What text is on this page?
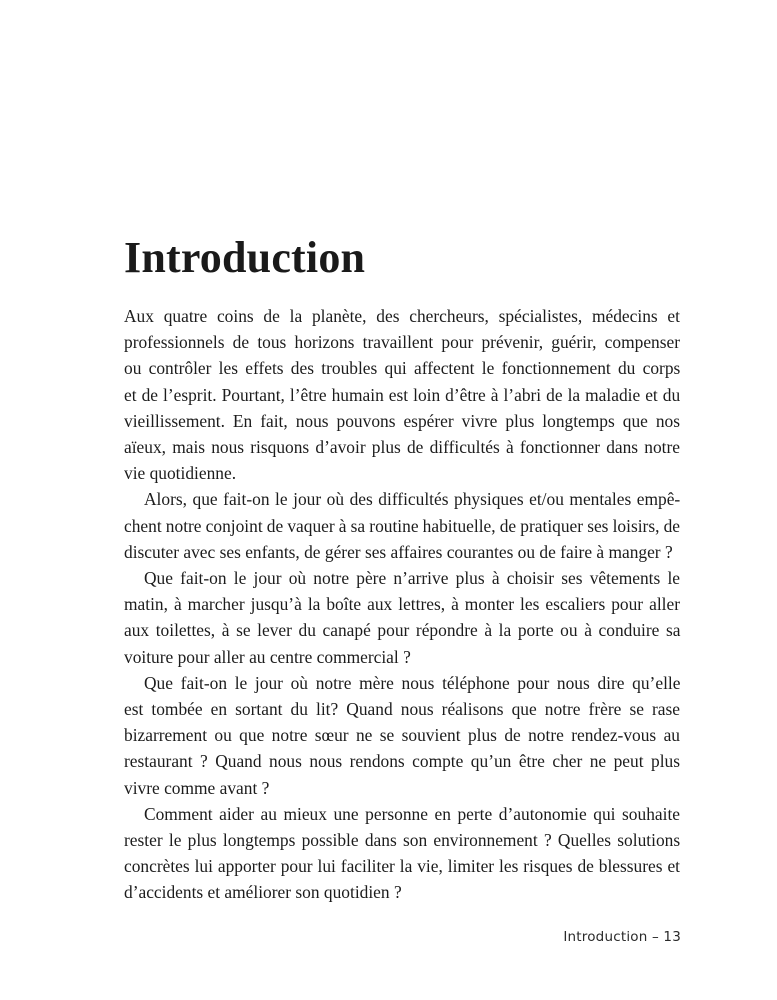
Introduction

Aux quatre coins de la planète, des chercheurs, spécialistes, médecins et
professionnels de tous horizons travaillent pour prévenir, guérir, compenser
ou contrôler les effets des troubles qui affectent le fonctionnement du corps
et de l’esprit. Pourtant, l’être humain est loin d’être à l’abri de la maladie et du
vieillissement. En fait, nous pouvons espérer vivre plus longtemps que nos
aïeux, mais nous risquons d’avoir plus de difficultés à fonctionner dans notre
vie quotidienne.

Alors, que fait-on le jour où des difficultés physiques et/ou mentales empê-
chent notre conjoint de vaquer à sa routine habituelle, de pratiquer ses loisirs, de
discuter avec ses enfants, de gérer ses affaires courantes ou de faire à manger ?

Que fait-on le jour où notre père n’arrive plus à choisir ses vêtements le
matin, à marcher jusqu’à la boîte aux lettres, à monter les escaliers pour aller
aux toilettes, à se lever du canapé pour répondre à la porte ou à conduire sa
voiture pour aller au centre commercial ?

Que fait-on le jour où notre mère nous téléphone pour nous dire qu’elle
est tombée en sortant du lit? Quand nous réalisons que notre frère se rase
bizarrement ou que notre sœur ne se souvient plus de notre rendez-vous au
restaurant ? Quand nous nous rendons compte qu’un être cher ne peut plus
vivre comme avant ?

Comment aider au mieux une personne en perte d’autonomie qui souhaite
rester le plus longtemps possible dans son environnement ? Quelles solutions
concrètes lui apporter pour lui faciliter la vie, limiter les risques de blessures et
d’accidents et améliorer son quotidien ?

Introduction – 13
